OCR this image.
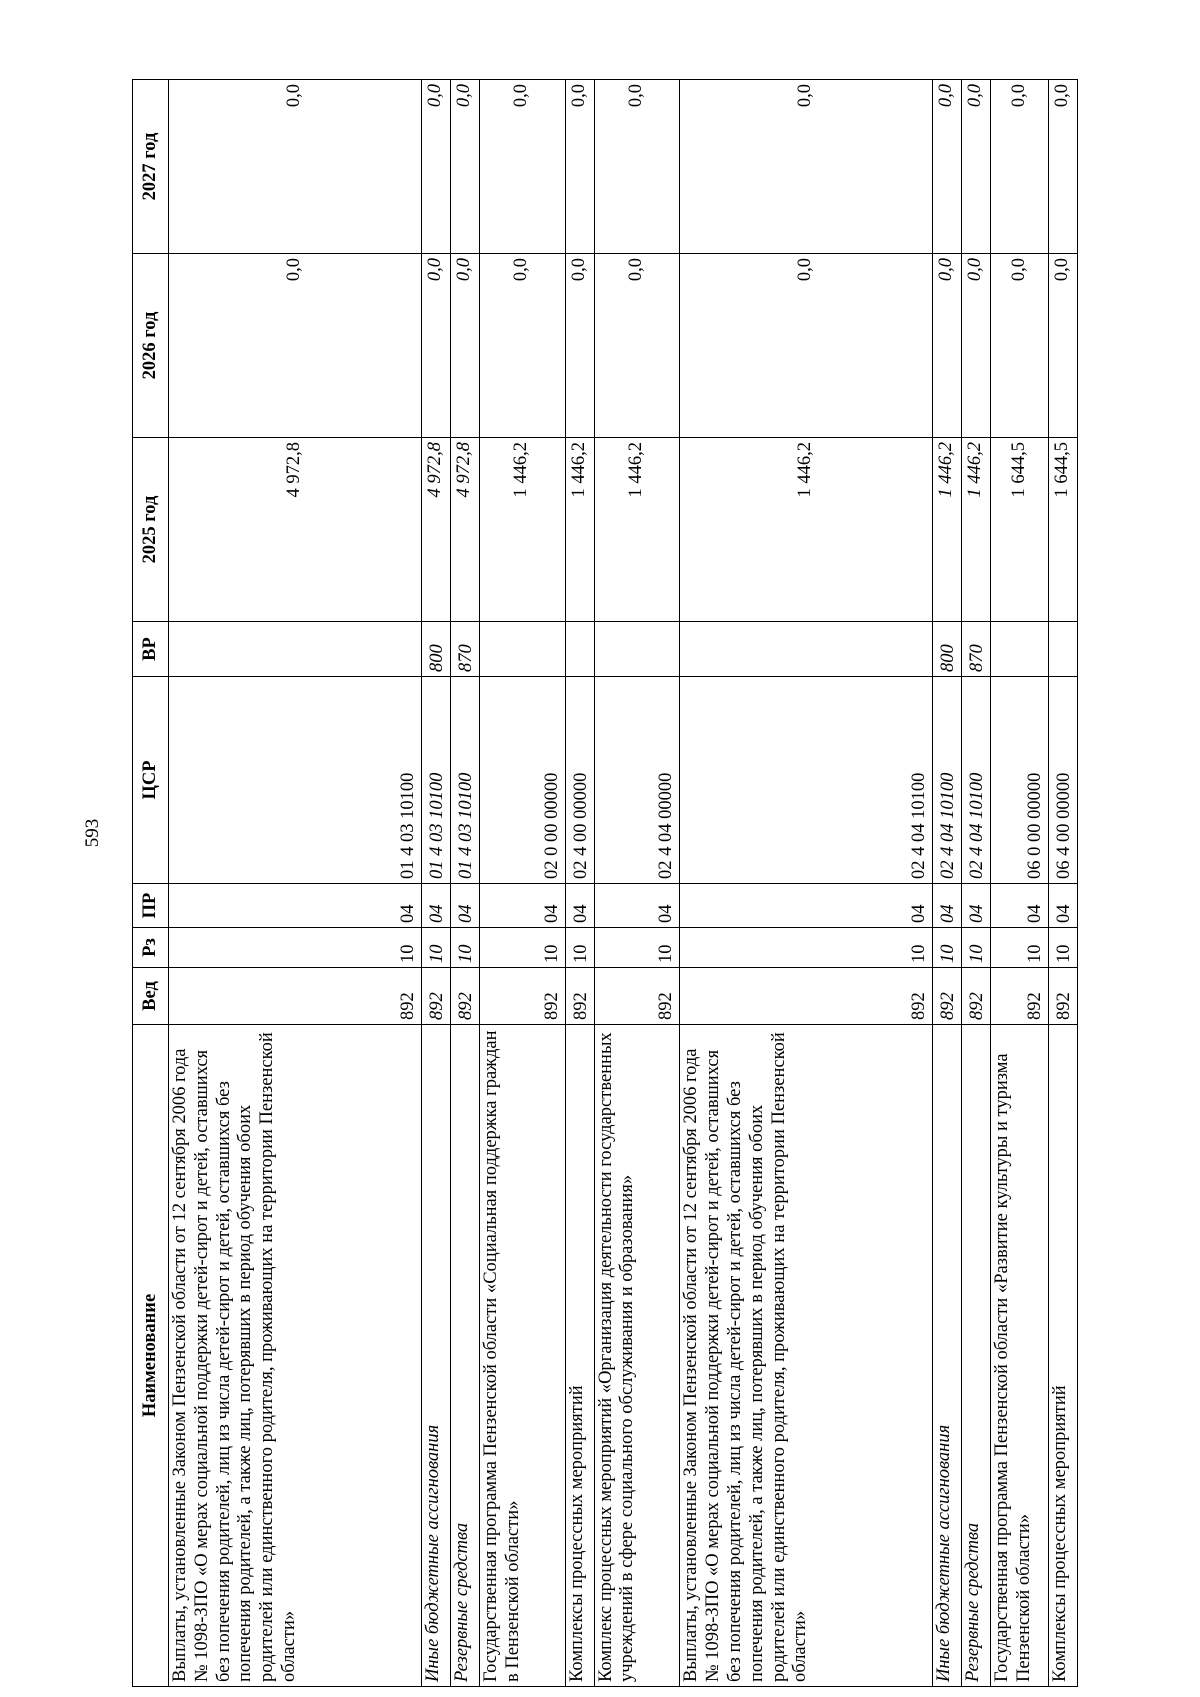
593
Наименование	Вед	Рз	ПР	ЦСР	ВР	2025 год	2026 год	2027 год
Выплаты, установленные Законом Пензенской области от 12 сентября 2006 года № 1098-ЗПО «О мерах социальной поддержки детей-сирот и детей, оставшихся без попечения родителей, лиц из числа детей-сирот и детей, оставшихся без попечения родителей, а также лиц, потерявших в период обучения обоих родителей или единственного родителя, проживающих на территории Пензенской области»	892	10	04	01 4 03 10100		4 972,8	0,0	0,0
Иные бюджетные ассигнования	892	10	04	01 4 03 10100	800	4 972,8	0,0	0,0
Резервные средства	892	10	04	01 4 03 10100	870	4 972,8	0,0	0,0
Государственная программа Пензенской области «Социальная поддержка граждан в Пензенской области»	892	10	04	02 0 00 00000		1 446,2	0,0	0,0
Комплексы процессных мероприятий	892	10	04	02 4 00 00000		1 446,2	0,0	0,0
Комплекс процессных мероприятий «Организация деятельности государственных учреждений в сфере социального обслуживания и образования»	892	10	04	02 4 04 00000		1 446,2	0,0	0,0
Выплаты, установленные Законом Пензенской области от 12 сентября 2006 года № 1098-ЗПО «О мерах социальной поддержки детей-сирот и детей, оставшихся без попечения родителей, лиц из числа детей-сирот и детей, оставшихся без попечения родителей, а также лиц, потерявших в период обучения обоих родителей или единственного родителя, проживающих на территории Пензенской области»	892	10	04	02 4 04 10100		1 446,2	0,0	0,0
Иные бюджетные ассигнования	892	10	04	02 4 04 10100	800	1 446,2	0,0	0,0
Резервные средства	892	10	04	02 4 04 10100	870	1 446,2	0,0	0,0
Государственная программа Пензенской области «Развитие культуры и туризма Пензенской области»	892	10	04	06 0 00 00000		1 644,5	0,0	0,0
Комплексы процессных мероприятий	892	10	04	06 4 00 00000		1 644,5	0,0	0,0
